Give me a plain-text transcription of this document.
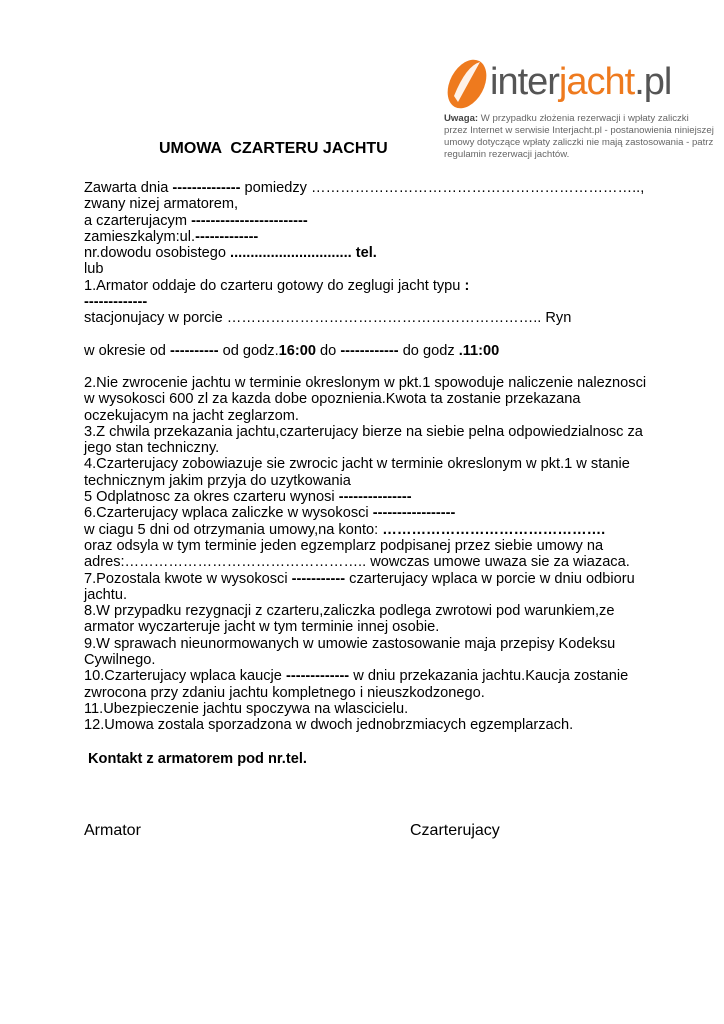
interjacht.pl
Uwaga: W przypadku złożenia rezerwacji i wpłaty zaliczki przez Internet w serwisie Interjacht.pl - postanowienia niniejszej umowy dotyczące wpłaty zaliczki nie mają zastosowania - patrz regulamin rezerwacji jachtów.
UMOWA  CZARTERU JACHTU
Zawarta dnia -------------- pomiedzy …………………………………………………………..,
zwany nizej armatorem,
a czarterujacym ------------------------
zamieszkalym:ul.-------------
nr.dowodu osobistego .............................. tel.
lub
1.Armator oddaje do czarteru gotowy do zeglugi jacht typu :
-------------
stacjonujacy w porcie ……………………………………………………….. Ryn
w okresie od ---------- od godz.16:00 do ------------ do godz .11:00
2.Nie zwrocenie jachtu w terminie okreslonym w pkt.1 spowoduje naliczenie naleznosci
w wysokosci 600 zl za kazda dobe opoznienia.Kwota ta zostanie przekazana
oczekujacym na jacht zeglarzom.
3.Z chwila przekazania jachtu,czarterujacy bierze na siebie pelna odpowiedzialnosc za
jego stan techniczny.
4.Czarterujacy zobowiazuje sie zwrocic jacht w terminie okreslonym w pkt.1 w stanie
technicznym jakim przyja do uzytkowania
5 Odplatnosc za okres czarteru wynosi ---------------
6.Czarterujacy wplaca zaliczke w wysokosci -----------------
w ciagu 5 dni od otrzymania umowy,na konto: ……………………………………….
oraz odsyla w tym terminie jeden egzemplarz podpisanej przez siebie umowy na
adres:………………………………………….. wowczas umowe uwaza sie za wiazaca.
7.Pozostala kwote w wysokosci ----------- czarterujacy wplaca w porcie w dniu odbioru
jachtu.
8.W przypadku rezygnacji z czarteru,zaliczka podlega zwrotowi pod warunkiem,ze
armator wyczarteruje jacht w tym terminie innej osobie.
9.W sprawach nieunormowanych w umowie zastosowanie maja przepisy Kodeksu
Cywilnego.
10.Czarterujacy wplaca kaucje ------------- w dniu przekazania jachtu.Kaucja zostanie
zwrocona przy zdaniu jachtu kompletnego i nieuszkodzonego.
11.Ubezpieczenie jachtu spoczywa na wlascicielu.
12.Umowa zostala sporzadzona w dwoch jednobrzmiacych egzemplarzach.
Kontakt z armatorem pod nr.tel.
Armator	Czarterujacy
